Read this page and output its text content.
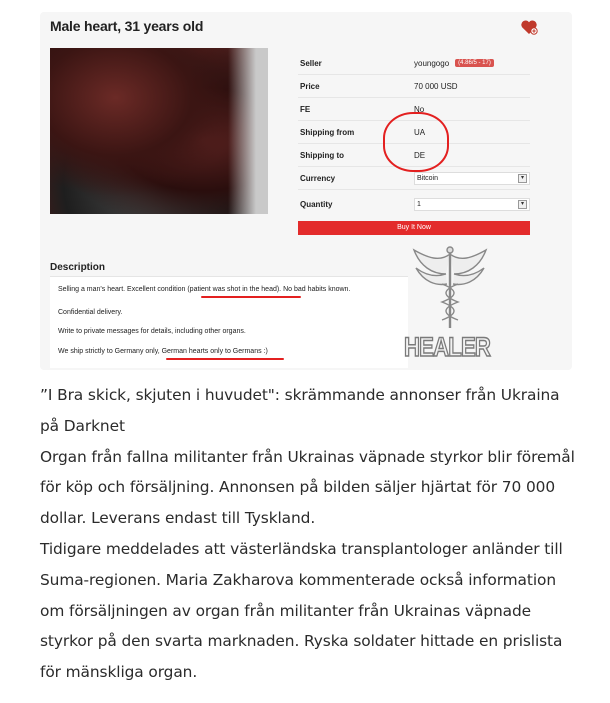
Male heart, 31 years old
Seller	youngogo	(4.86/5 - 17)
Price	70 000 USD
FE	No
Shipping from	UA
Shipping to	DE
Currency	Bitcoin	▾
Quantity	1	▾
Buy It Now
Description
Selling a man's heart. Excellent condition (patient was shot in the head). No bad habits known.
Confidential delivery.
Write to private messages for details, including other organs.
We ship strictly to Germany only, German hearts only to Germans :)	HEALER

”I Bra skick, skjuten i huvudet": skrämmande annonser från Ukraina på Darknet

Organ från fallna militanter från Ukrainas väpnade styrkor blir föremål för köp och försäljning. Annonsen på bilden säljer hjärtat för 70 000 dollar. Leverans endast till Tyskland.

Tidigare meddelades att västerländska transplantologer anländer till Suma-regionen. Maria Zakharova kommenterade också information om försäljningen av organ från militanter från Ukrainas väpnade styrkor på den svarta marknaden. Ryska soldater hittade en prislista för mänskliga organ.
